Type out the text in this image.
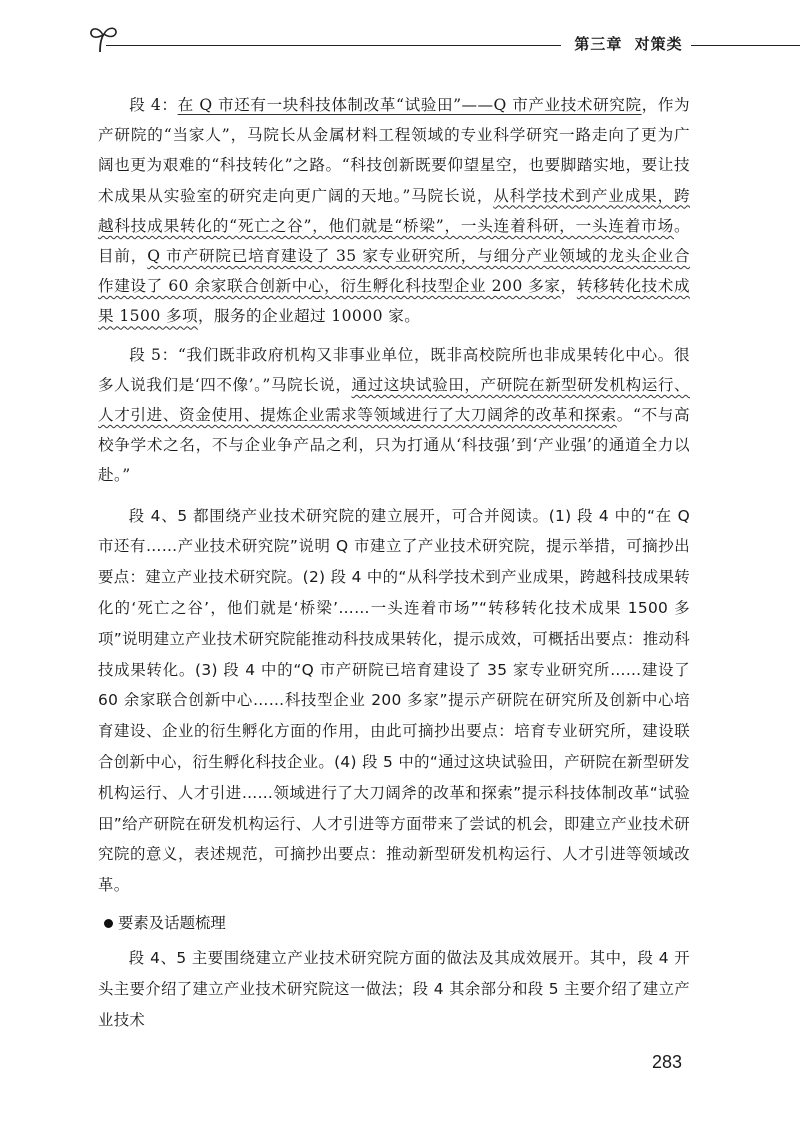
第三章 对策类

段 4：在 Q 市还有一块科技体制改革“试验田”——Q 市产业技术研究院，作为产研院的“当家人”，马院长从金属材料工程领域的专业科学研究一路走向了更为广阔也更为艰难的“科技转化”之路。“科技创新既要仰望星空，也要脚踏实地，要让技术成果从实验室的研究走向更广阔的天地。”马院长说，从科学技术到产业成果，跨越科技成果转化的“死亡之谷”，他们就是“桥梁”，一头连着科研，一头连着市场。目前，Q 市产研院已培育建设了 35 家专业研究所，与细分产业领域的龙头企业合作建设了 60 余家联合创新中心，衍生孵化科技型企业 200 多家，转移转化技术成果 1500 多项，服务的企业超过 10000 家。

段 5：“我们既非政府机构又非事业单位，既非高校院所也非成果转化中心。很多人说我们是‘四不像’。”马院长说，通过这块试验田，产研院在新型研发机构运行、人才引进、资金使用、提炼企业需求等领域进行了大刀阔斧的改革和探索。“不与高校争学术之名，不与企业争产品之利，只为打通从‘科技强’到‘产业强’的通道全力以赴。”

段 4、5 都围绕产业技术研究院的建立展开，可合并阅读。(1) 段 4 中的“在 Q 市还有……产业技术研究院”说明 Q 市建立了产业技术研究院，提示举措，可摘抄出要点：建立产业技术研究院。(2) 段 4 中的“从科学技术到产业成果，跨越科技成果转化的‘死亡之谷’，他们就是‘桥梁’……一头连着市场”“转移转化技术成果 1500 多项”说明建立产业技术研究院能推动科技成果转化，提示成效，可概括出要点：推动科技成果转化。(3) 段 4 中的“Q 市产研院已培育建设了 35 家专业研究所……建设了 60 余家联合创新中心……科技型企业 200 多家”提示产研院在研究所及创新中心培育建设、企业的衍生孵化方面的作用，由此可摘抄出要点：培育专业研究所，建设联合创新中心，衍生孵化科技企业。(4) 段 5 中的“通过这块试验田，产研院在新型研发机构运行、人才引进……领域进行了大刀阔斧的改革和探索”提示科技体制改革“试验田”给产研院在研发机构运行、人才引进等方面带来了尝试的机会，即建立产业技术研究院的意义，表述规范，可摘抄出要点：推动新型研发机构运行、人才引进等领域改革。

要素及话题梳理

段 4、5 主要围绕建立产业技术研究院方面的做法及其成效展开。其中，段 4 开头主要介绍了建立产业技术研究院这一做法；段 4 其余部分和段 5 主要介绍了建立产业技术

283
